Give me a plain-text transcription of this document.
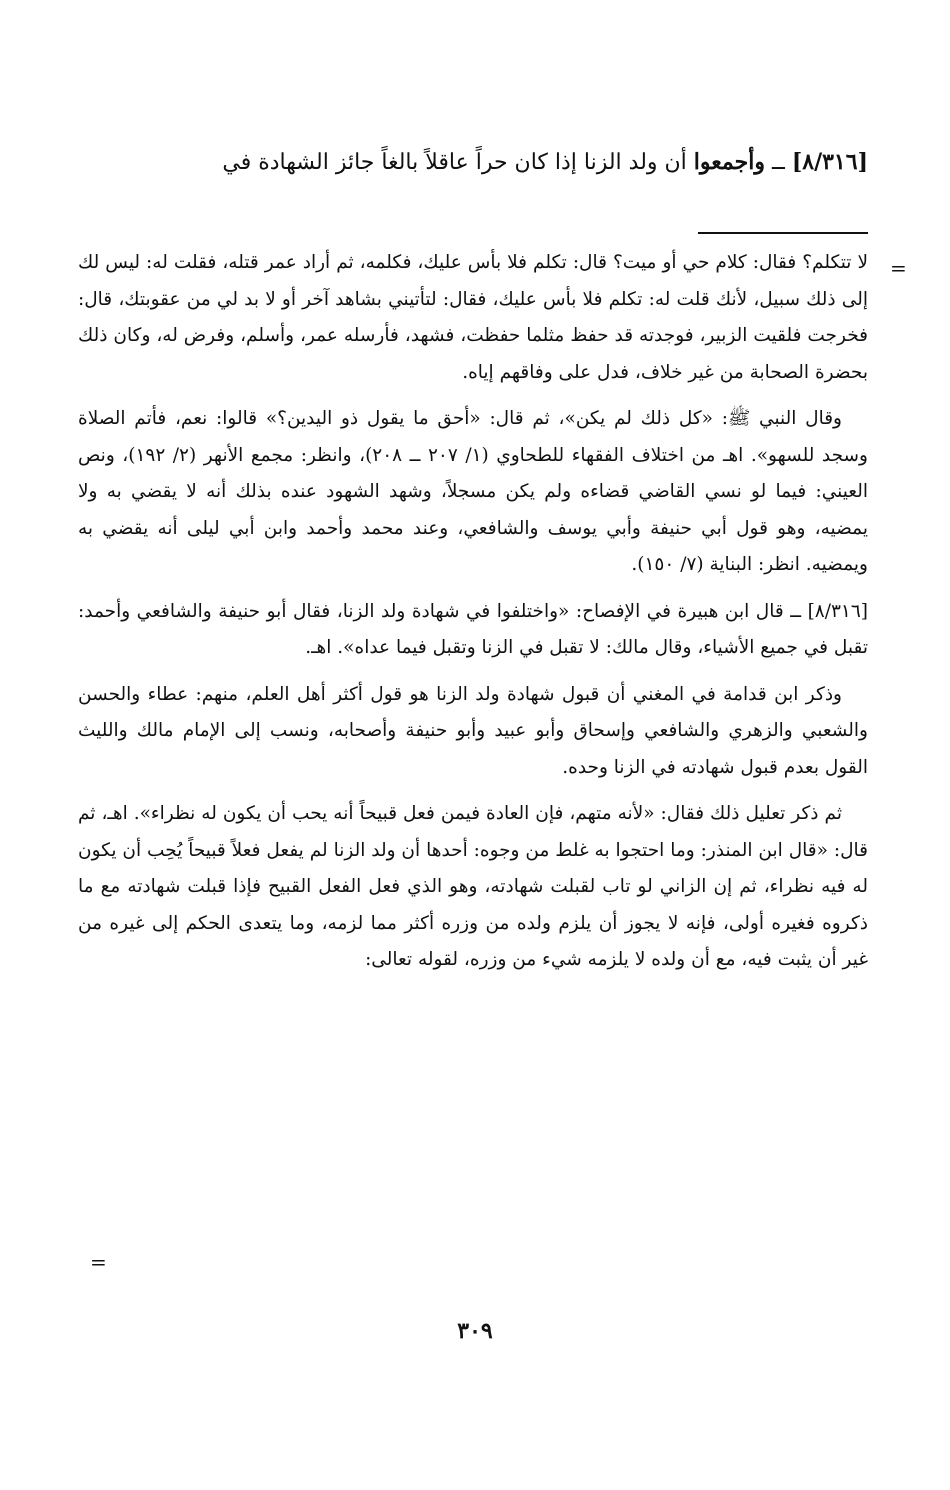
[٨/٣١٦] ــ وأجمعوا أن ولد الزنا إذا كان حراً عاقلاً بالغاً جائز الشهادة في
=

لا تتكلم؟ فقال: كلام حي أو ميت؟ قال: تكلم فلا بأس عليك، فكلمه، ثم أراد عمر قتله، فقلت له: ليس لك إلى ذلك سبيل، لأنك قلت له: تكلم فلا بأس عليك، فقال: لتأتيني بشاهد آخر أو لا بد لي من عقوبتك، قال: فخرجت فلقيت الزبير، فوجدته قد حفظ مثلما حفظت، فشهد، فأرسله عمر، وأسلم، وفرض له، وكان ذلك بحضرة الصحابة من غير خلاف، فدل على وفاقهم إياه.

وقال النبي ﷺ: «كل ذلك لم يكن»، ثم قال: «أحق ما يقول ذو اليدين؟» قالوا: نعم، فأتم الصلاة وسجد للسهو». اهـ من اختلاف الفقهاء للطحاوي (١/ ٢٠٧ ــ ٢٠٨)، وانظر: مجمع الأنهر (٢/ ١٩٢)، ونص العيني: فيما لو نسي القاضي قضاءه ولم يكن مسجلاً، وشهد الشهود عنده بذلك أنه لا يقضي به ولا يمضيه، وهو قول أبي حنيفة وأبي يوسف والشافعي، وعند محمد وأحمد وابن أبي ليلى أنه يقضي به ويمضيه. انظر: البناية (٧/ ١٥٠).

[٨/٣١٦] ــ قال ابن هبيرة في الإفصاح: «واختلفوا في شهادة ولد الزنا، فقال أبو حنيفة والشافعي وأحمد: تقبل في جميع الأشياء، وقال مالك: لا تقبل في الزنا وتقبل فيما عداه». اهـ.

وذكر ابن قدامة في المغني أن قبول شهادة ولد الزنا هو قول أكثر أهل العلم، منهم: عطاء والحسن والشعبي والزهري والشافعي وإسحاق وأبو عبيد وأبو حنيفة وأصحابه، ونسب إلى الإمام مالك والليث القول بعدم قبول شهادته في الزنا وحده.

ثم ذكر تعليل ذلك فقال: «لأنه متهم، فإن العادة فيمن فعل قبيحاً أنه يحب أن يكون له نظراء». اهـ، ثم قال: «قال ابن المنذر: وما احتجوا به غلط من وجوه: أحدها أن ولد الزنا لم يفعل فعلاً قبيحاً يُحِب أن يكون له فيه نظراء، ثم إن الزاني لو تاب لقبلت شهادته، وهو الذي فعل الفعل القبيح فإذا قبلت شهادته مع ما ذكروه فغيره أولى، فإنه لا يجوز أن يلزم ولده من وزره أكثر مما لزمه، وما يتعدى الحكم إلى غيره من غير أن يثبت فيه، مع أن ولده لا يلزمه شيء من وزره، لقوله تعالى:

=
٣٠٩
